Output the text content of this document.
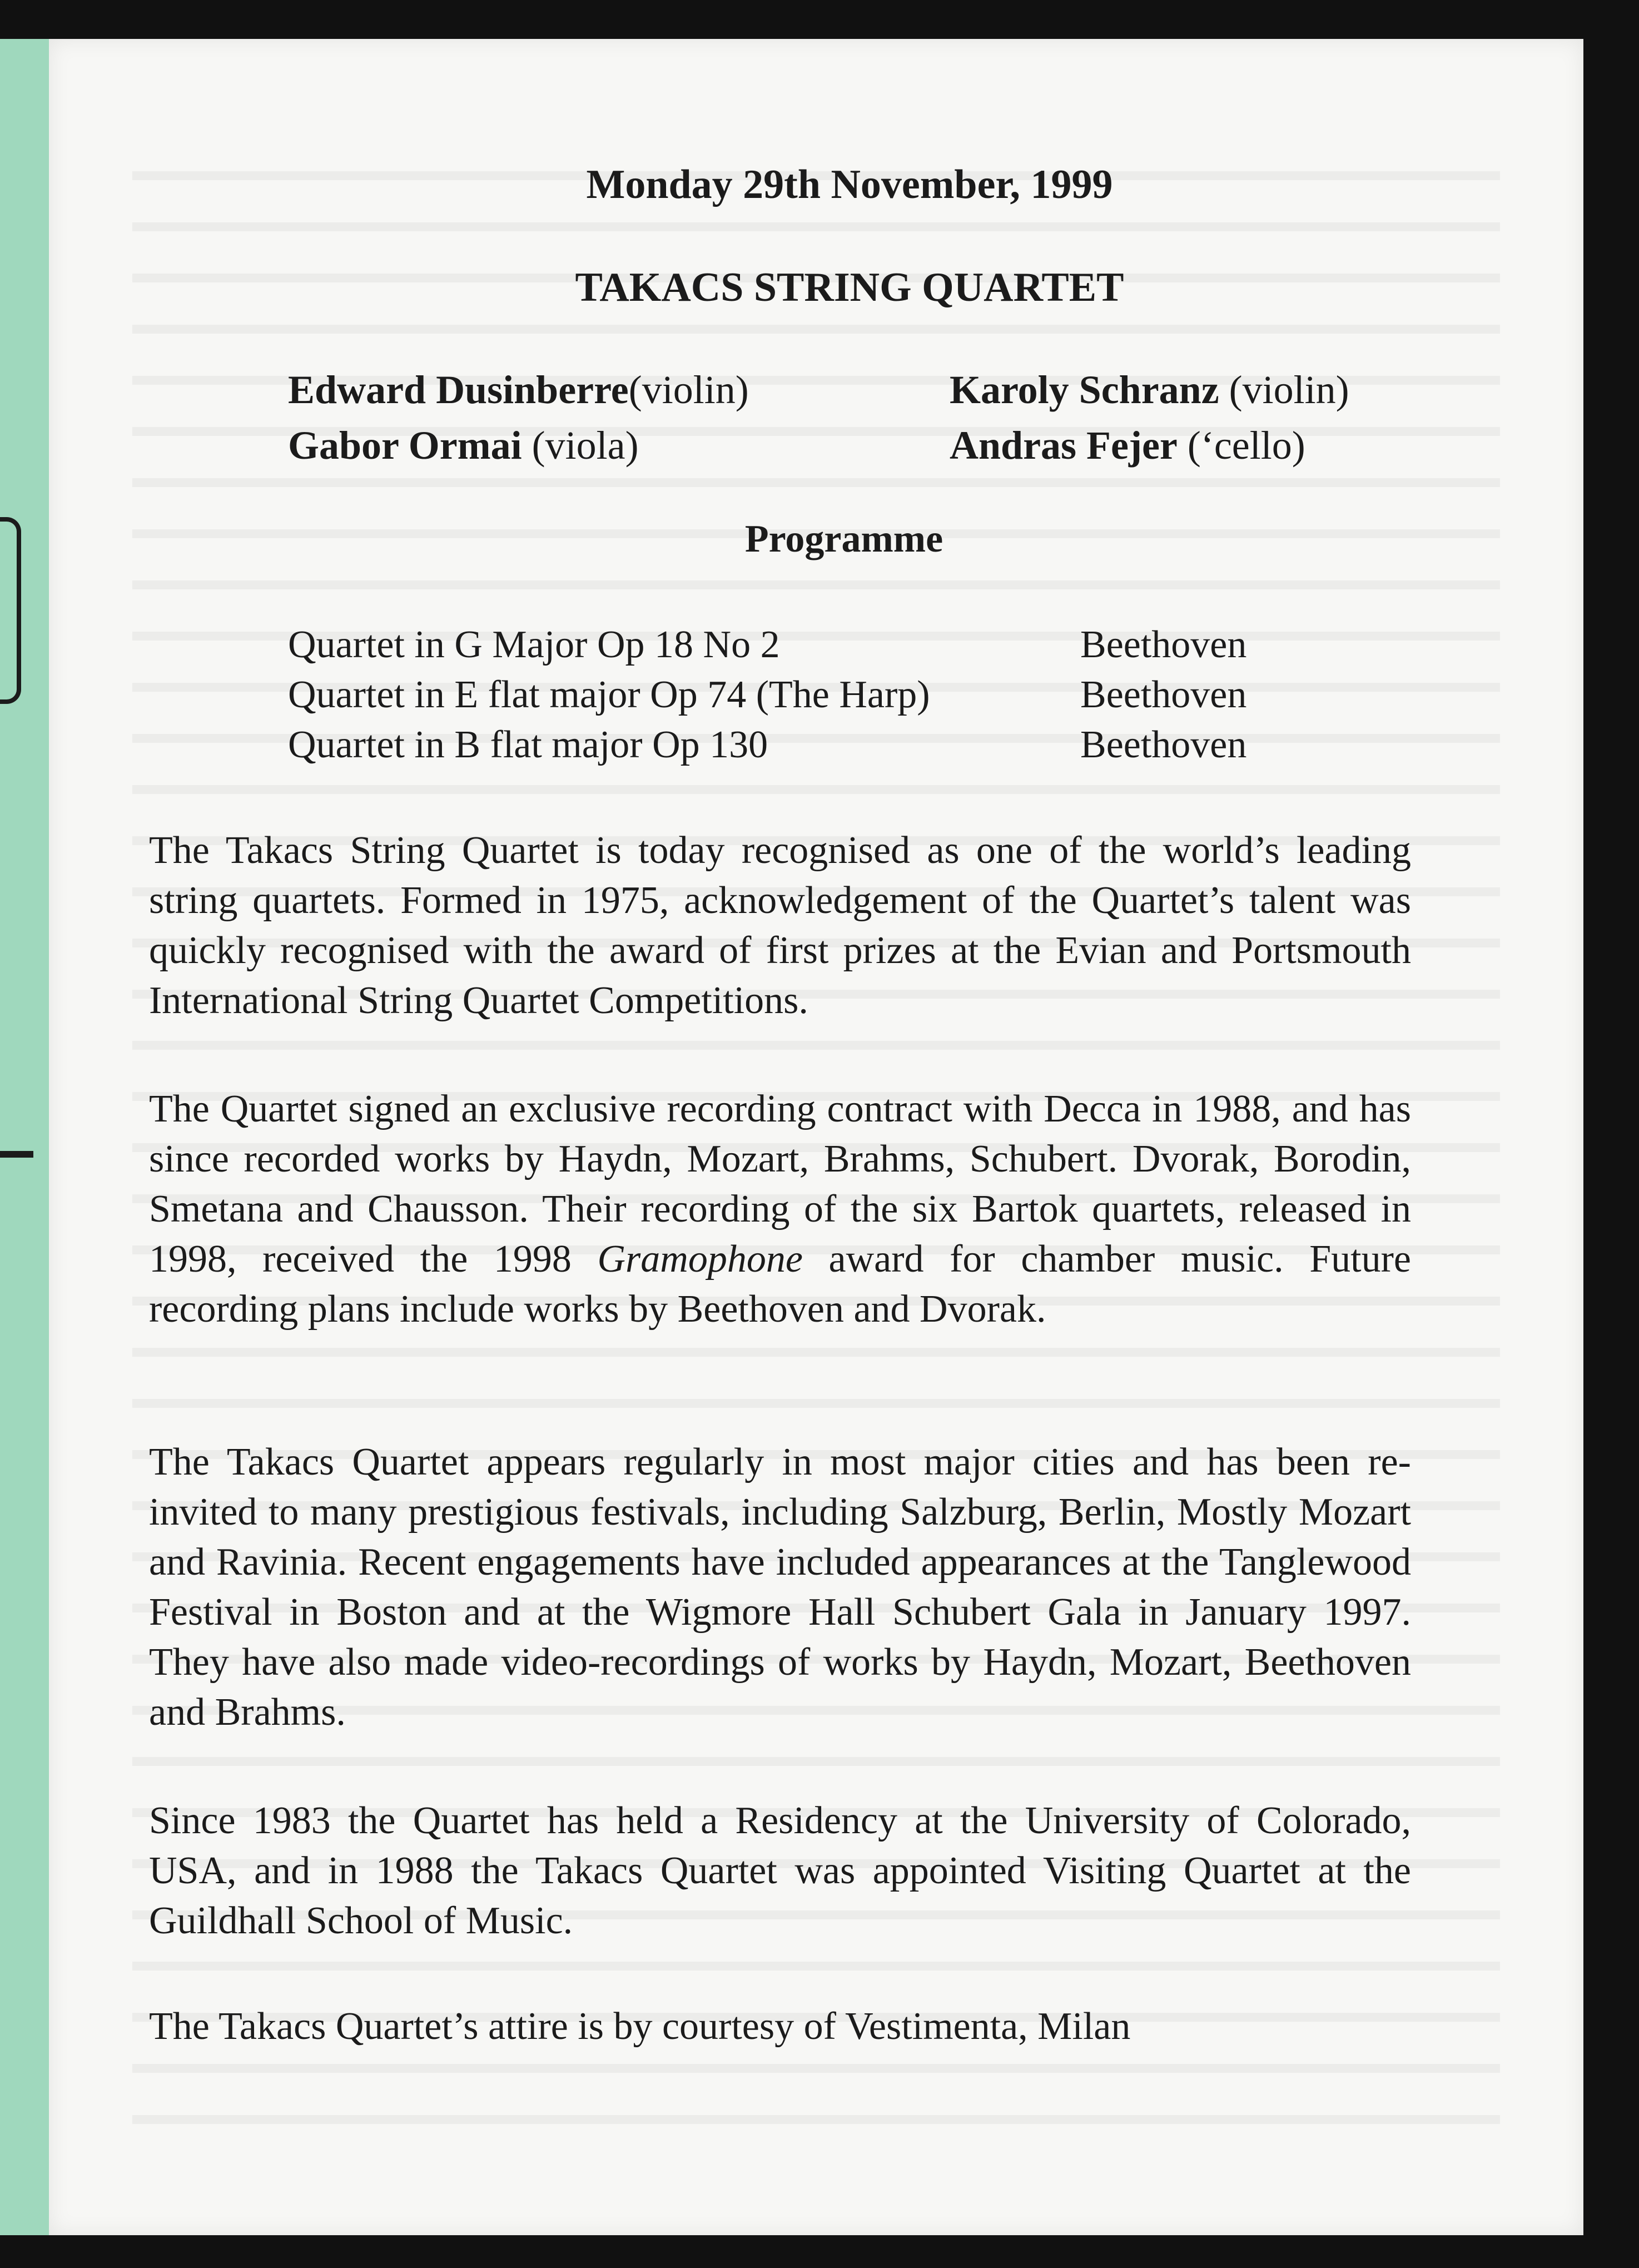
Monday 29th November, 1999
TAKACS STRING QUARTET
Edward Dusinberre(violin)	Karoly Schranz (violin)
Gabor Ormai (viola)	Andras Fejer (‘cello)
Programme
Quartet in G Major Op 18 No 2	Beethoven
Quartet in E flat major Op 74 (The Harp)	Beethoven
Quartet in B flat major Op 130	Beethoven
The Takacs String Quartet is today recognised as one of the world’s leading string quartets. Formed in 1975, acknowledgement of the Quartet’s talent was quickly recognised with the award of first prizes at the Evian and Portsmouth International String Quartet Competitions.
The Quartet signed an exclusive recording contract with Decca in 1988, and has since recorded works by Haydn, Mozart, Brahms, Schubert. Dvorak, Borodin, Smetana and Chausson. Their recording of the six Bartok quartets, released in 1998, received the 1998 Gramophone award for chamber music. Future recording plans include works by Beethoven and Dvorak.
The Takacs Quartet appears regularly in most major cities and has been re-invited to many prestigious festivals, including Salzburg, Berlin, Mostly Mozart and Ravinia. Recent engagements have included appearances at the Tanglewood Festival in Boston and at the Wigmore Hall Schubert Gala in January 1997. They have also made video-recordings of works by Haydn, Mozart, Beethoven and Brahms.
Since 1983 the Quartet has held a Residency at the University of Colorado, USA, and in 1988 the Takacs Quartet was appointed Visiting Quartet at the Guildhall School of Music.
The Takacs Quartet’s attire is by courtesy of Vestimenta, Milan
